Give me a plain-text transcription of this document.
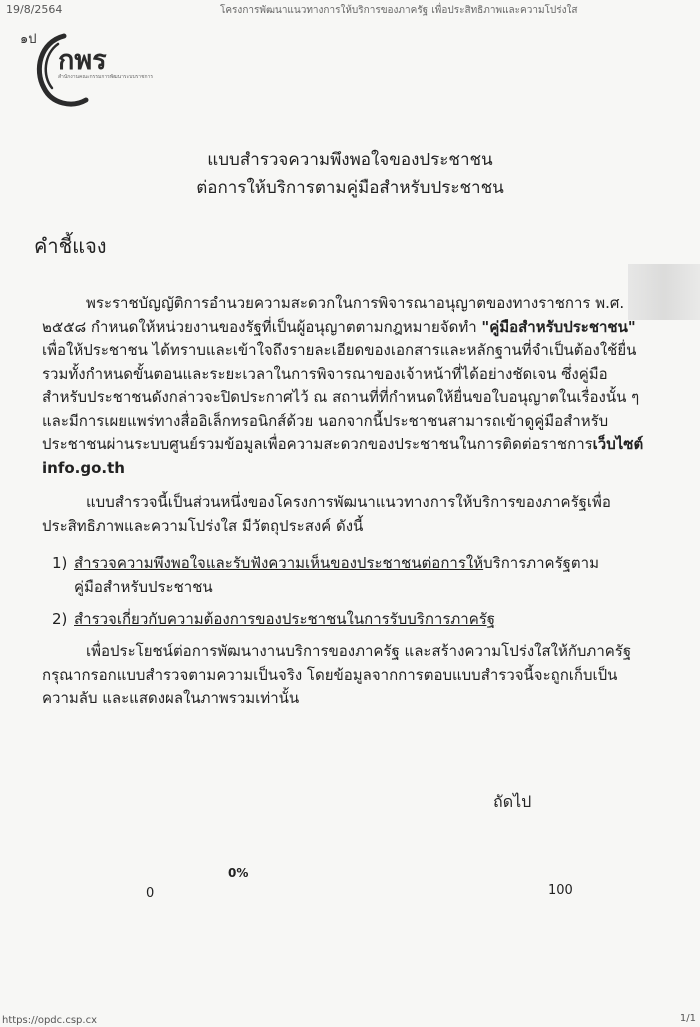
19/8/2564	โครงการพัฒนาแนวทางการให้บริการของภาครัฐ เพื่อประสิทธิภาพและความโปร่งใส
๑ป
กพร
สำนักงานคณะกรรมการพัฒนาระบบราชการ
แบบสำรวจความพึงพอใจของประชาชน
ต่อการให้บริการตามคู่มือสำหรับประชาชน
คำชี้แจง
พระราชบัญญัติการอำนวยความสะดวกในการพิจารณาอนุญาตของทางราชการ พ.ศ. ๒๕๕๘ กำหนดให้หน่วยงานของรัฐที่เป็นผู้อนุญาตตามกฎหมายจัดทำ "คู่มือสำหรับประชาชน" เพื่อให้ประชาชน ได้ทราบและเข้าใจถึงรายละเอียดของเอกสารและหลักฐานที่จำเป็นต้องใช้ยื่น รวมทั้งกำหนดขั้นตอนและระยะเวลาในการพิจารณาของเจ้าหน้าที่ได้อย่างชัดเจน ซึ่งคู่มือสำหรับประชาชนดังกล่าวจะปิดประกาศไว้ ณ สถานที่ที่กำหนดให้ยื่นขอใบอนุญาตในเรื่องนั้น ๆ และมีการเผยแพร่ทางสื่ออิเล็กทรอนิกส์ด้วย นอกจากนี้ประชาชนสามารถเข้าดูคู่มือสำหรับประชาชนผ่านระบบศูนย์รวมข้อมูลเพื่อความสะดวกของประชาชนในการติดต่อราชการเว็บไซต์ info.go.th
แบบสำรวจนี้เป็นส่วนหนึ่งของโครงการพัฒนาแนวทางการให้บริการของภาครัฐเพื่อประสิทธิภาพและความโปร่งใส มีวัตถุประสงค์ ดังนี้
1) สำรวจความพึงพอใจและรับฟังความเห็นของประชาชนต่อการให้บริการภาครัฐตาม
คู่มือสำหรับประชาชน
2) สำรวจเกี่ยวกับความต้องการของประชาชนในการรับบริการภาครัฐ
เพื่อประโยชน์ต่อการพัฒนางานบริการของภาครัฐ และสร้างความโปร่งใสให้กับภาครัฐ กรุณากรอกแบบสำรวจตามความเป็นจริง โดยข้อมูลจากการตอบแบบสำรวจนี้จะถูกเก็บเป็นความลับ และแสดงผลในภาพรวมเท่านั้น
ถัดไป
0%
0	100
https://opdc.csp.cx	1/1
